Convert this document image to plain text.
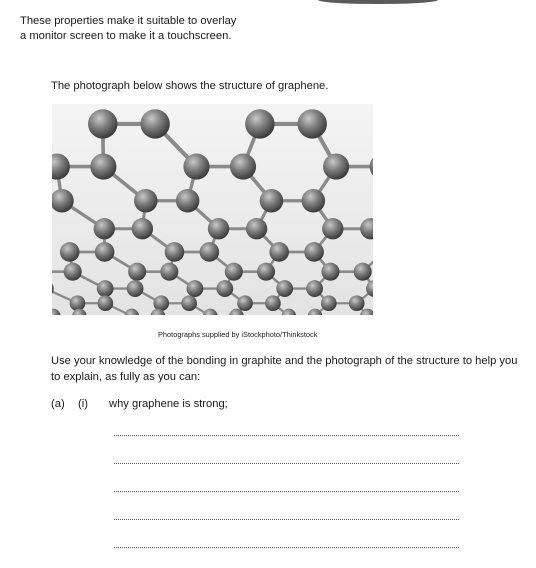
These properties make it suitable to overlay
a monitor screen to make it a touchscreen.
The photograph below shows the structure of graphene.
Photographs supplied by iStockphoto/Thinkstock
Use your knowledge of the bonding in graphite and the photograph of the structure to help you
to explain, as fully as you can:
(a) (i) why graphene is strong;
